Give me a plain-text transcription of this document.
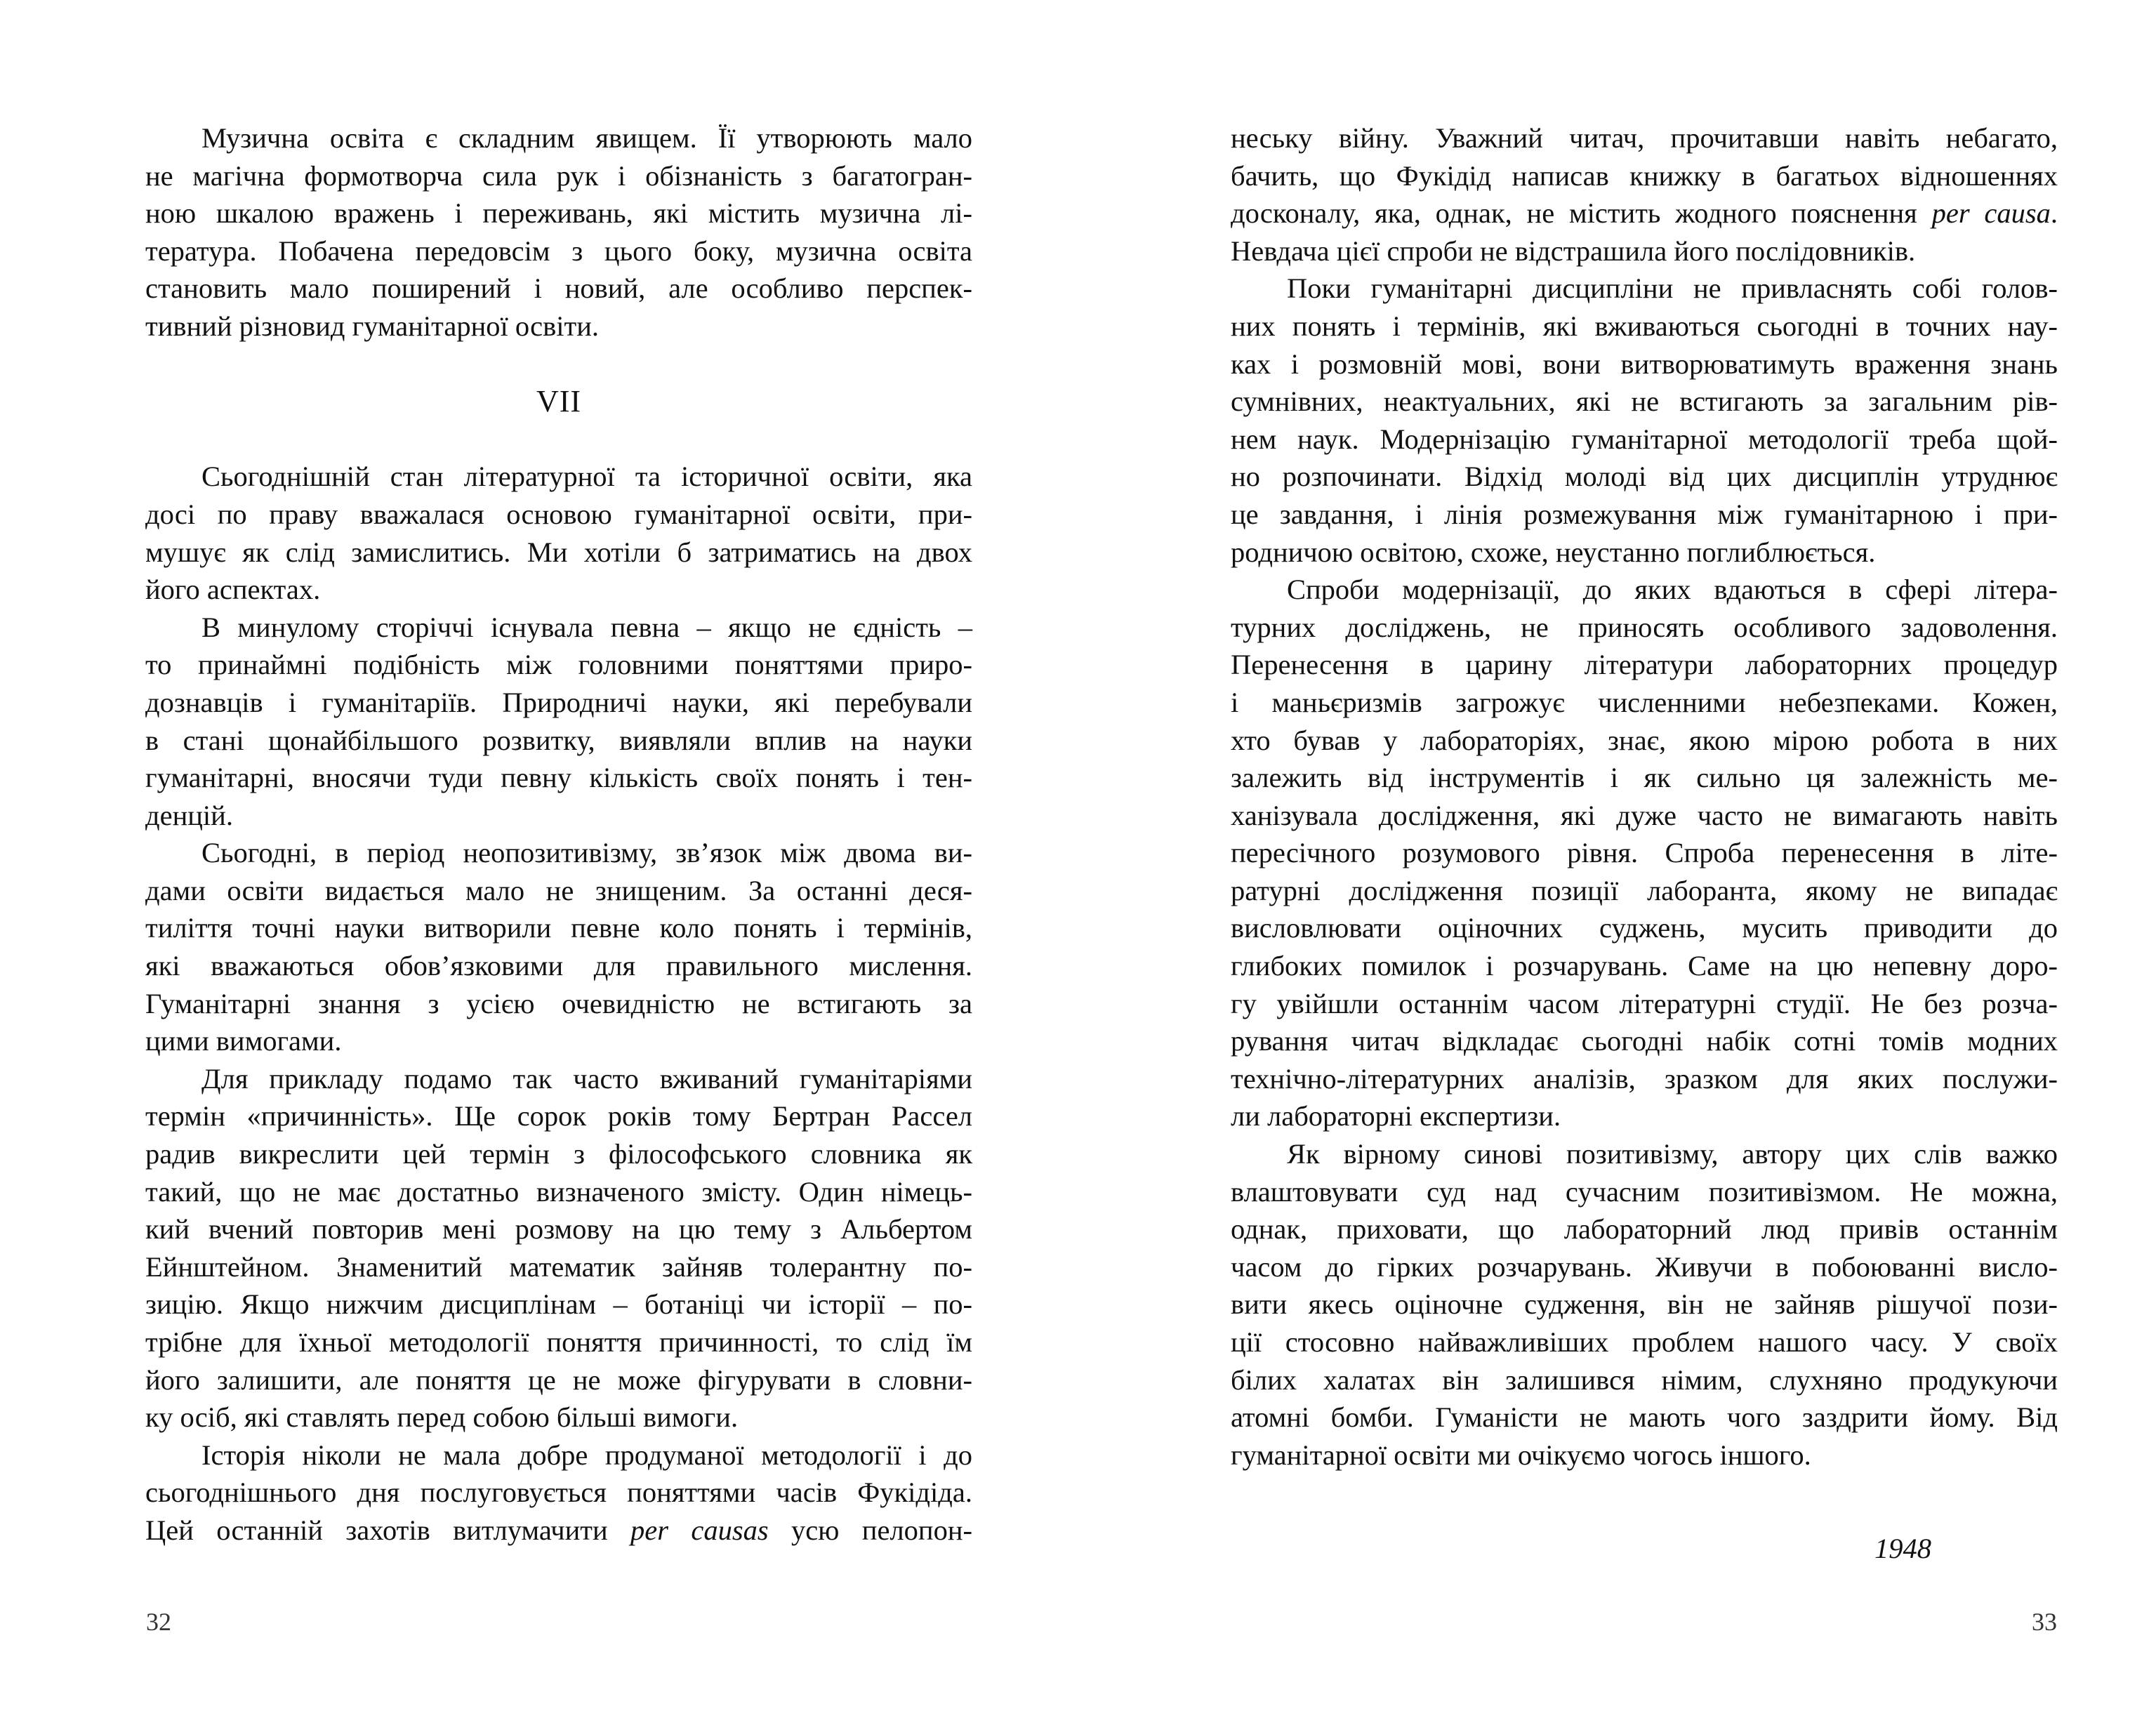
Музична освіта є складним явищем. Її утворюють мало
не магічна формотворча сила рук і обізнаність з багатогран-
ною шкалою вражень і переживань, які містить музична лі-
тература. Побачена передовсім з цього боку, музична освіта
становить мало поширений і новий, але особливо перспек-
тивний різновид гуманітарної освіти.
VII
Сьогоднішній стан літературної та історичної освіти, яка
досі по праву вважалася основою гуманітарної освіти, при-
мушує як слід замислитись. Ми хотіли б затриматись на двох
його аспектах.
В минулому сторіччі існувала певна – якщо не єдність –
то принаймні подібність між головними поняттями приро-
дознавців і гуманітаріїв. Природничі науки, які перебували
в стані щонайбільшого розвитку, виявляли вплив на науки
гуманітарні, вносячи туди певну кількість своїх понять і тен-
денцій.
Сьогодні, в період неопозитивізму, зв’язок між двома ви-
дами освіти видається мало не знищеним. За останні деся-
тиліття точні науки витворили певне коло понять і термінів,
які вважаються обов’язковими для правильного мислення.
Гуманітарні знання з усією очевидністю не встигають за
цими вимогами.
Для прикладу подамо так часто вживаний гуманітаріями
термін «причинність». Ще сорок років тому Бертран Рассел
радив викреслити цей термін з філософського словника як
такий, що не має достатньо визначеного змісту. Один німець-
кий вчений повторив мені розмову на цю тему з Альбертом
Ейнштейном. Знаменитий математик зайняв толерантну по-
зицію. Якщо нижчим дисциплінам – ботаніці чи історії – по-
трібне для їхньої методології поняття причинності, то слід їм
його залишити, але поняття це не може фігурувати в словни-
ку осіб, які ставлять перед собою більші вимоги.
Історія ніколи не мала добре продуманої методології і до
сьогоднішнього дня послуговується поняттями часів Фукідіда.
Цей останній захотів витлумачити per causas усю пелопон-
32
неську війну. Уважний читач, прочитавши навіть небагато,
бачить, що Фукідід написав книжку в багатьох відношеннях
досконалу, яка, однак, не містить жодного пояснення per causa.
Невдача цієї спроби не відстрашила його послідовників.
Поки гуманітарні дисципліни не привласнять собі голов-
них понять і термінів, які вживаються сьогодні в точних нау-
ках і розмовній мові, вони витворюватимуть враження знань
сумнівних, неактуальних, які не встигають за загальним рів-
нем наук. Модернізацію гуманітарної методології треба щой-
но розпочинати. Відхід молоді від цих дисциплін утруднює
це завдання, і лінія розмежування між гуманітарною і при-
родничою освітою, схоже, неустанно поглиблюється.
Спроби модернізації, до яких вдаються в сфері літера-
турних досліджень, не приносять особливого задоволення.
Перенесення в царину літератури лабораторних процедур
і маньєризмів загрожує численними небезпеками. Кожен,
хто бував у лабораторіях, знає, якою мірою робота в них
залежить від інструментів і як сильно ця залежність ме-
ханізувала дослідження, які дуже часто не вимагають навіть
пересічного розумового рівня. Спроба перенесення в літе-
ратурні дослідження позиції лаборанта, якому не випадає
висловлювати оціночних суджень, мусить приводити до
глибоких помилок і розчарувань. Саме на цю непевну доро-
гу увійшли останнім часом літературні студії. Не без розча-
рування читач відкладає сьогодні набік сотні томів модних
технічно-літературних аналізів, зразком для яких послужи-
ли лабораторні експертизи.
Як вірному синові позитивізму, автору цих слів важко
влаштовувати суд над сучасним позитивізмом. Не можна,
однак, приховати, що лабораторний люд привів останнім
часом до гірких розчарувань. Живучи в побоюванні вислo-
вити якесь оціночне судження, він не зайняв рішучої пози-
ції стосовно найважливіших проблем нашого часу. У своїх
білих халатах він залишився німим, слухняно продукуючи
атомні бомби. Гуманісти не мають чого заздрити йому. Від
гуманітарної освіти ми очікуємо чогось іншого.
1948
33
